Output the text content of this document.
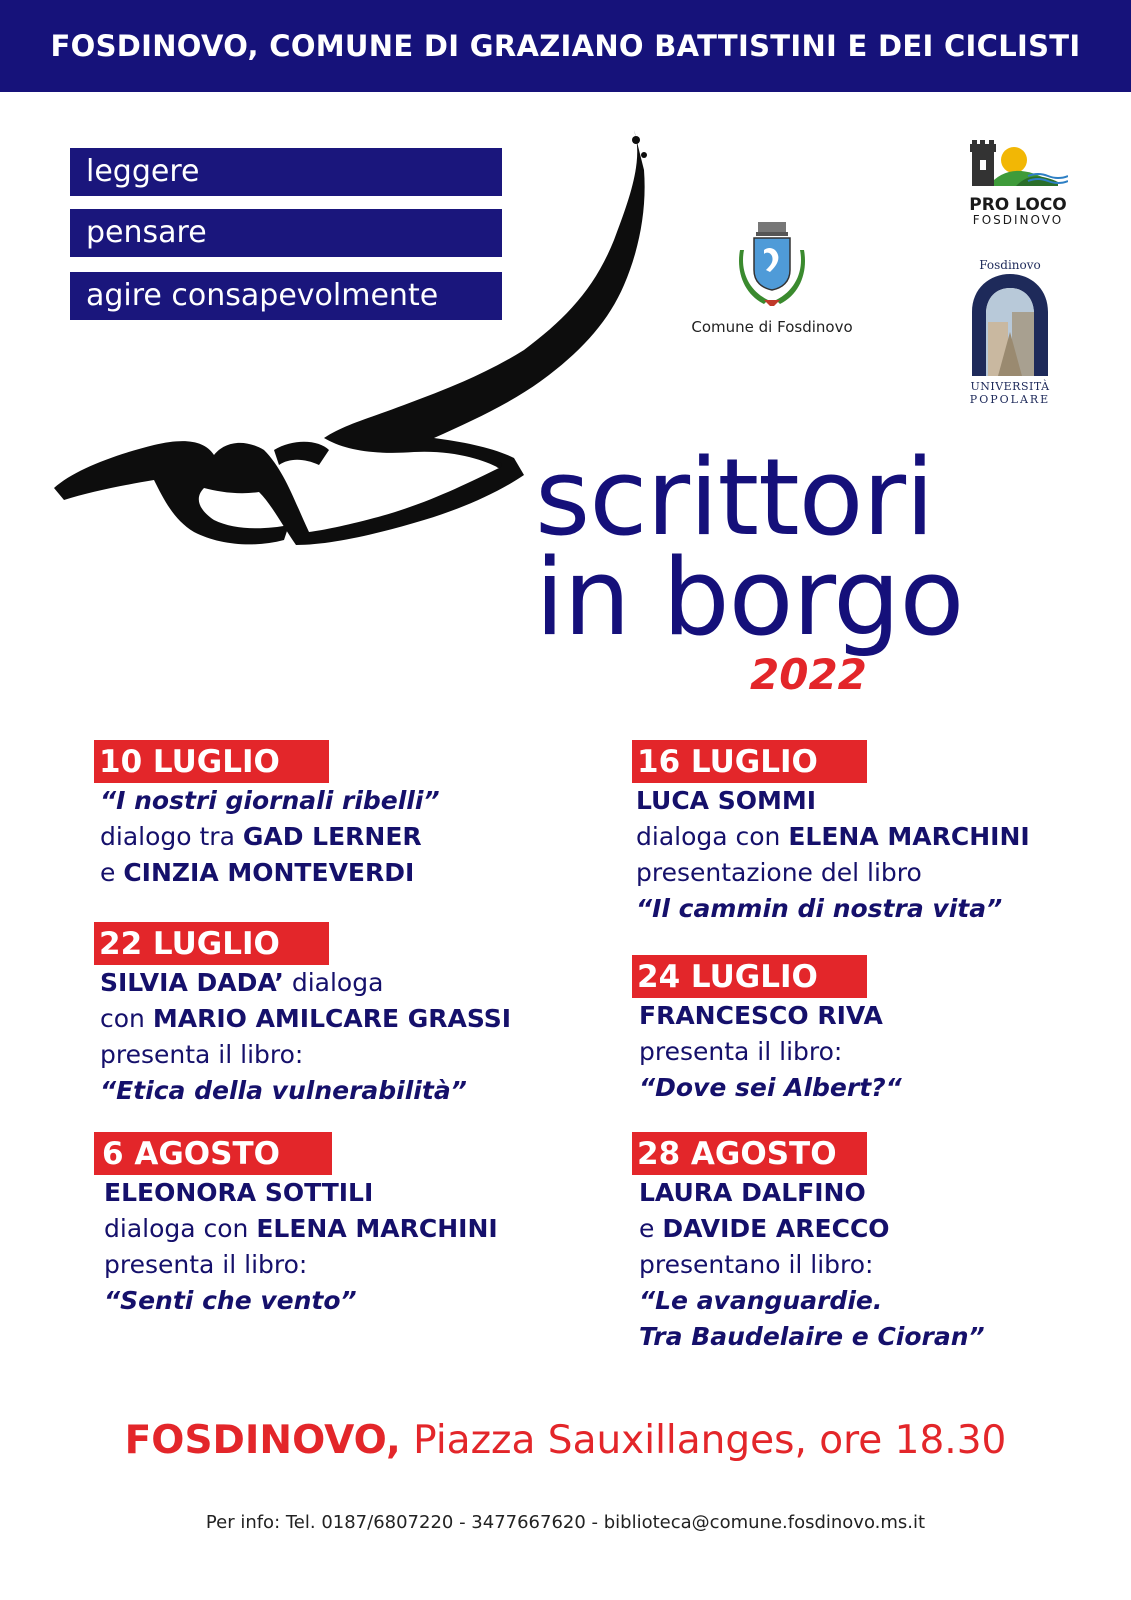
FOSDINOVO, COMUNE DI GRAZIANO BATTISTINI E DEI CICLISTI
leggere
pensare
agire consapevolmente
Comune di Fosdinovo
PRO LOCO
FOSDINOVO
Fosdinovo
UNIVERSITÀ
POPOLARE
scrittori
in borgo
2022
10 LUGLIO
“I nostri giornali ribelli”
dialogo tra GAD LERNER
e CINZIA MONTEVERDI
22 LUGLIO
SILVIA DADA’ dialoga
con MARIO AMILCARE GRASSI
presenta il libro:
“Etica della vulnerabilità”
6 AGOSTO
ELEONORA SOTTILI
dialoga con ELENA MARCHINI
presenta il libro:
“Senti che vento”
16 LUGLIO
LUCA SOMMI
dialoga con ELENA MARCHINI
presentazione del libro
“Il cammin di nostra vita”
24 LUGLIO
FRANCESCO RIVA
presenta il libro:
“Dove sei Albert?“
28 AGOSTO
LAURA DALFINO
e DAVIDE ARECCO
presentano il libro:
“Le avanguardie.
Tra Baudelaire e Cioran”
FOSDINOVO, Piazza Sauxillanges, ore 18.30
Per info: Tel. 0187/6807220 - 3477667620 - biblioteca@comune.fosdinovo.ms.it
